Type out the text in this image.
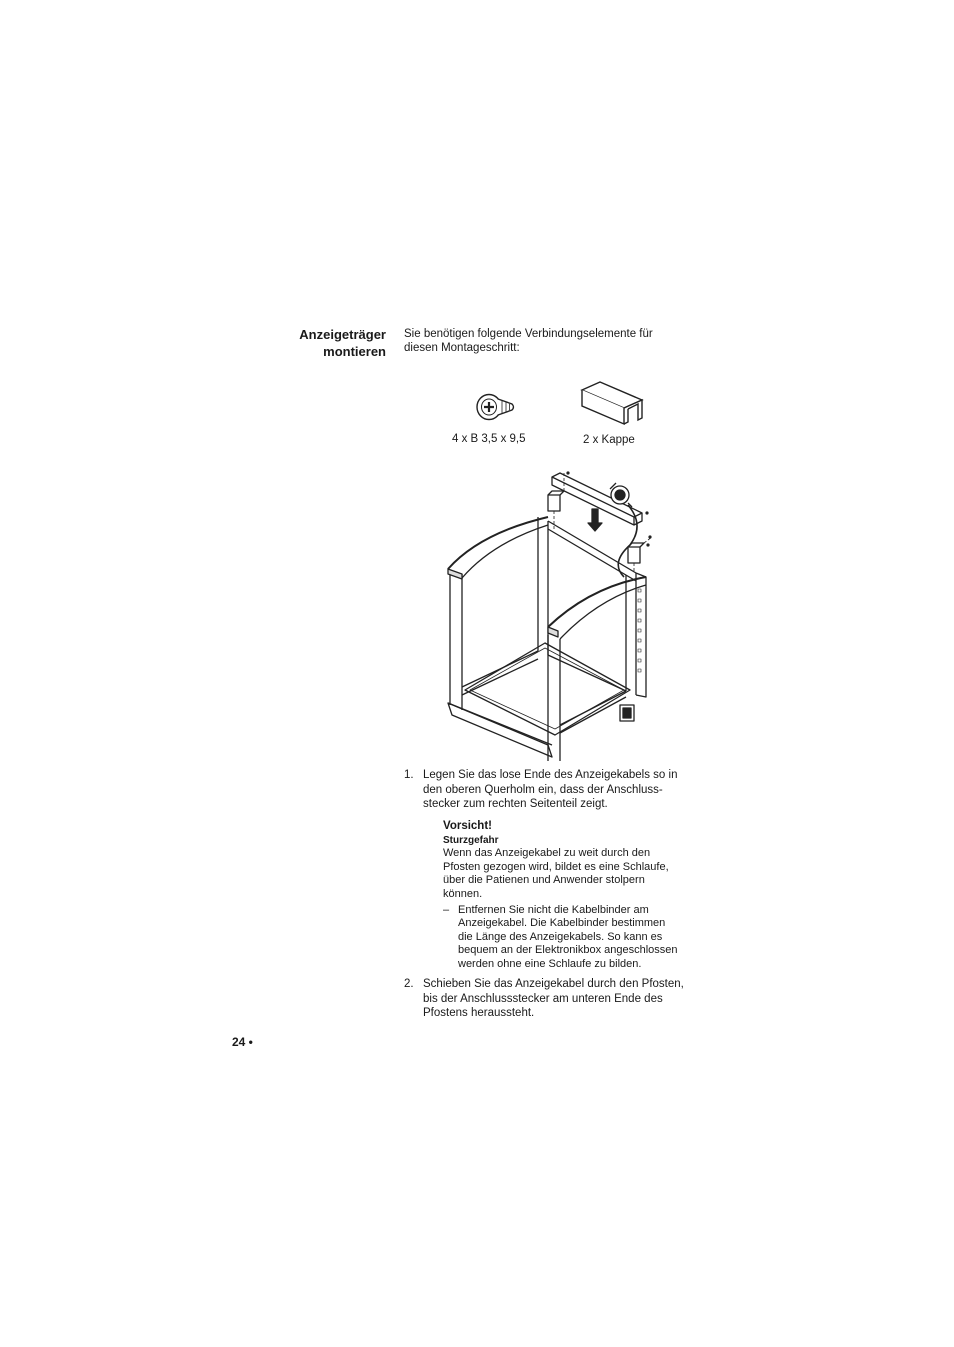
Anzeigeträger
montieren
Sie benötigen folgende Verbindungselemente für
diesen Montageschritt:
4 x B 3,5 x 9,5	2 x Kappe
1. Legen Sie das lose Ende des Anzeigekabels so in
den oberen Querholm ein, dass der Anschluss-
stecker zum rechten Seitenteil zeigt.
Vorsicht!
Sturzgefahr
Wenn das Anzeigekabel zu weit durch den
Pfosten gezogen wird, bildet es eine Schlaufe,
über die Patienen und Anwender stolpern
können.
– Entfernen Sie nicht die Kabelbinder am
Anzeigekabel. Die Kabelbinder bestimmen
die Länge des Anzeigekabels. So kann es
bequem an der Elektronikbox angeschlossen
werden ohne eine Schlaufe zu bilden.
2. Schieben Sie das Anzeigekabel durch den Pfosten,
bis der Anschlussstecker am unteren Ende des
Pfostens heraussteht.
24 •
